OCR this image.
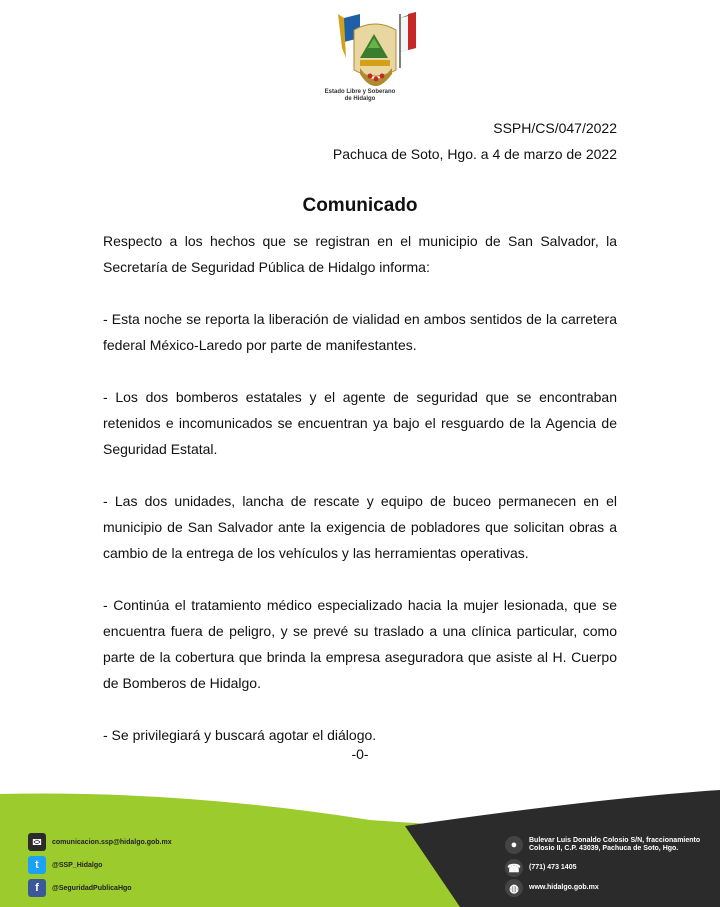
Estado Libre y Soberano
de Hidalgo
SSPH/CS/047/2022
Pachuca de Soto, Hgo. a 4 de marzo de 2022
Comunicado

Respecto a los hechos que se registran en el municipio de San Salvador, la Secretaría de Seguridad Pública de Hidalgo informa:

- Esta noche se reporta la liberación de vialidad en ambos sentidos de la carretera federal México-Laredo por parte de manifestantes.

- Los dos bomberos estatales y el agente de seguridad que se encontraban retenidos e incomunicados se encuentran ya bajo el resguardo de la Agencia de Seguridad Estatal.

- Las dos unidades, lancha de rescate y equipo de buceo permanecen en el municipio de San Salvador ante la exigencia de pobladores que solicitan obras a cambio de la entrega de los vehículos y las herramientas operativas.

- Continúa el tratamiento médico especializado hacia la mujer lesionada, que se encuentra fuera de peligro, y se prevé su traslado a una clínica particular, como parte de la cobertura que brinda la empresa aseguradora que asiste al H. Cuerpo de Bomberos de Hidalgo.

- Se privilegiará y buscará agotar el diálogo.

-0-
✉	comunicacion.ssp@hidalgo.gob.mx
t	@SSP_Hidalgo
f	@SeguridadPublicaHgo
●	Bulevar Luis Donaldo Colosio S/N, fraccionamiento
Colosio II, C.P. 43039, Pachuca de Soto, Hgo.
☎	(771) 473 1405
◍	www.hidalgo.gob.mx
